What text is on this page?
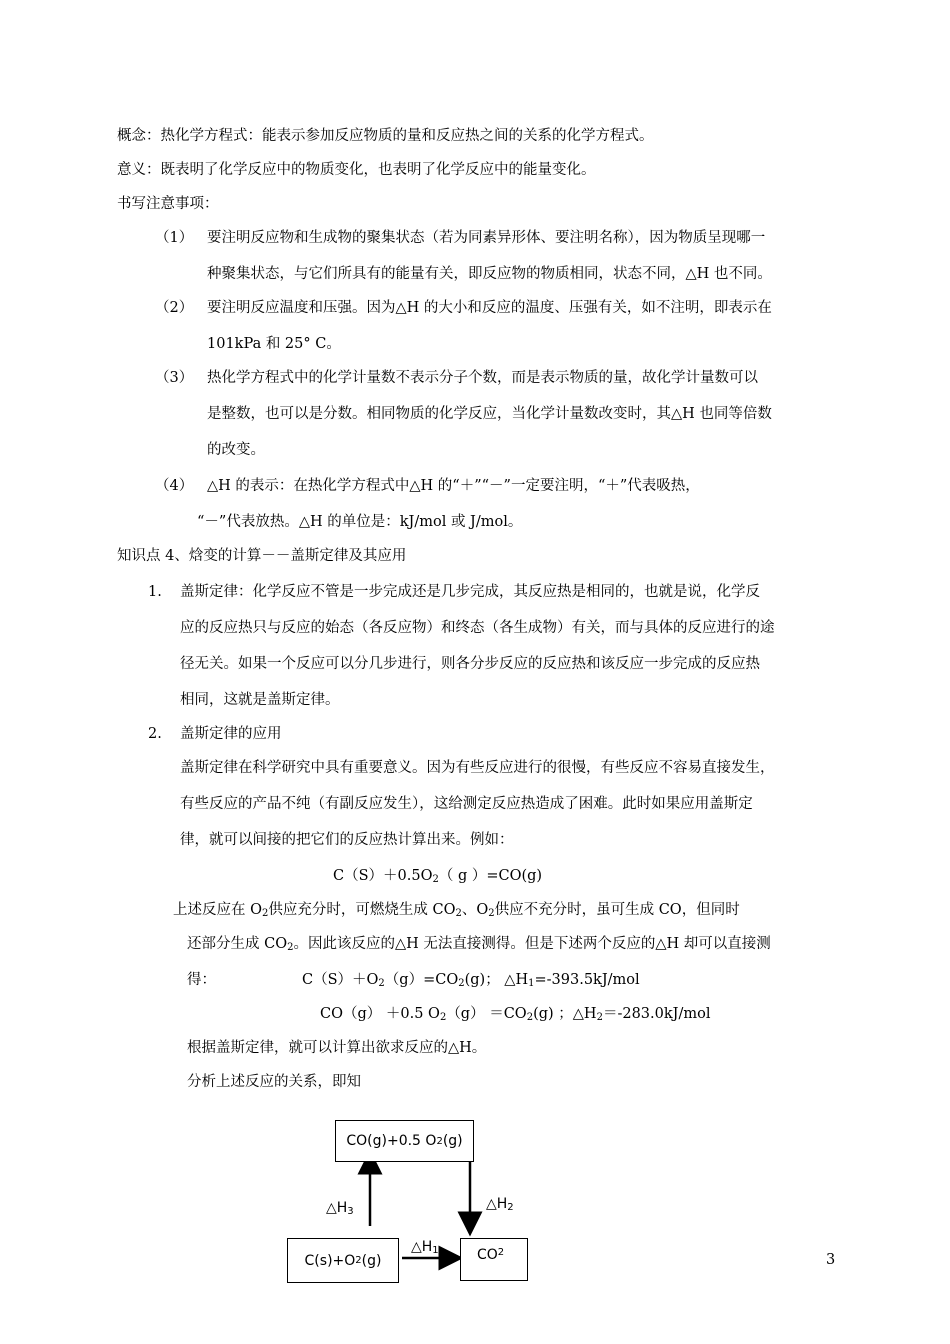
概念：热化学方程式：能表示参加反应物质的量和反应热之间的关系的化学方程式。
意义：既表明了化学反应中的物质变化，也表明了化学反应中的能量变化。
书写注意事项：
（1） 要注明反应物和生成物的聚集状态（若为同素异形体、要注明名称），因为物质呈现哪一
种聚集状态，与它们所具有的能量有关，即反应物的物质相同，状态不同，△H 也不同。
（2） 要注明反应温度和压强。因为△H 的大小和反应的温度、压强有关，如不注明，即表示在
101kPa 和 25° C。
（3） 热化学方程式中的化学计量数不表示分子个数，而是表示物质的量，故化学计量数可以
是整数，也可以是分数。相同物质的化学反应，当化学计量数改变时，其△H 也同等倍数
的改变。
（4） △H 的表示：在热化学方程式中△H 的“＋”“－”一定要注明，“＋”代表吸热，
“－”代表放热。△H 的单位是：kJ/mol 或 J/mol。
知识点 4、焓变的计算－－盖斯定律及其应用
1. 盖斯定律：化学反应不管是一步完成还是几步完成，其反应热是相同的，也就是说，化学反
应的反应热只与反应的始态（各反应物）和终态（各生成物）有关，而与具体的反应进行的途
径无关。如果一个反应可以分几步进行，则各分步反应的反应热和该反应一步完成的反应热
相同，这就是盖斯定律。
2. 盖斯定律的应用
盖斯定律在科学研究中具有重要意义。因为有些反应进行的很慢，有些反应不容易直接发生，
有些反应的产品不纯（有副反应发生），这给测定反应热造成了困难。此时如果应用盖斯定
律，就可以间接的把它们的反应热计算出来。例如：
$C(S)+0.5O_2$（ g ）=CO(g)
上述反应在 $O_2$供应充分时，可燃烧生成 $CO_2$、$O_2$供应不充分时，虽可生成 CO，但同时
还部分生成 $CO_2$。因此该反应的△H 无法直接测得。但是下述两个反应的△H 却可以直接测
得：	$C(S)+O_2(g)=CO_2(g)$； $\triangle H_1=-393.5kJ$/mol
CO（g） ＋0.5 $O_2(g) =CO_2(g)$ ；$\triangle H_2=-283.0kJ$/mol
根据盖斯定律，就可以计算出欲求反应的△H。
分析上述反应的关系，即知
CO(g)+0.5 O 2 (g)
C(s)+O 2 (g)	CO 2
$\triangle H_3$	$\triangle H_2$
$\triangle H_1$
3
